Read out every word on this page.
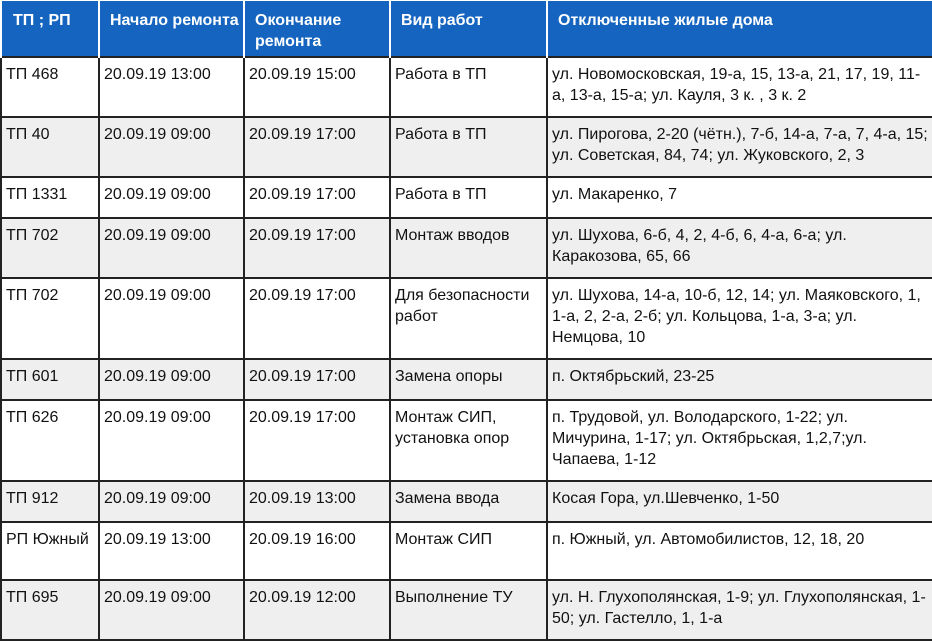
ТП ; РП	Начало ремонта	Окончание ремонта	Вид работ	Отключенные жилые дома
ТП 468	20.09.19 13:00	20.09.19 15:00	Работа в ТП	ул. Новомосковская, 19-а, 15, 13-а, 21, 17, 19, 11-а, 13-а, 15-а; ул. Кауля, 3 к. , 3 к. 2
ТП 40	20.09.19 09:00	20.09.19 17:00	Работа в ТП	ул. Пирогова, 2-20 (чётн.), 7-б, 14-а, 7-а, 7, 4-а, 15; ул. Советская, 84, 74; ул. Жуковского, 2, 3
ТП 1331	20.09.19 09:00	20.09.19 17:00	Работа в ТП	ул. Макаренко, 7
ТП 702	20.09.19 09:00	20.09.19 17:00	Монтаж вводов	ул. Шухова, 6-б, 4, 2, 4-б, 6, 4-а, 6-а; ул. Каракозова, 65, 66
ТП 702	20.09.19 09:00	20.09.19 17:00	Для безопасности работ	ул. Шухова, 14-а, 10-б, 12, 14; ул. Маяковского, 1, 1-а, 2, 2-а, 2-б; ул. Кольцова, 1-а, 3-а; ул. Немцова, 10
ТП 601	20.09.19 09:00	20.09.19 17:00	Замена опоры	п. Октябрьский, 23-25
ТП 626	20.09.19 09:00	20.09.19 17:00	Монтаж СИП, установка опор	п. Трудовой, ул. Володарского, 1-22; ул. Мичурина, 1-17; ул. Октябрьская, 1,2,7;ул. Чапаева, 1-12
ТП 912	20.09.19 09:00	20.09.19 13:00	Замена ввода	Косая Гора, ул.Шевченко, 1-50
РП Южный	20.09.19 13:00	20.09.19 16:00	Монтаж СИП	п. Южный, ул. Автомобилистов, 12, 18, 20
ТП 695	20.09.19 09:00	20.09.19 12:00	Выполнение ТУ	ул. Н. Глухополянская, 1-9; ул. Глухополянская, 1-50; ул. Гастелло, 1, 1-а
